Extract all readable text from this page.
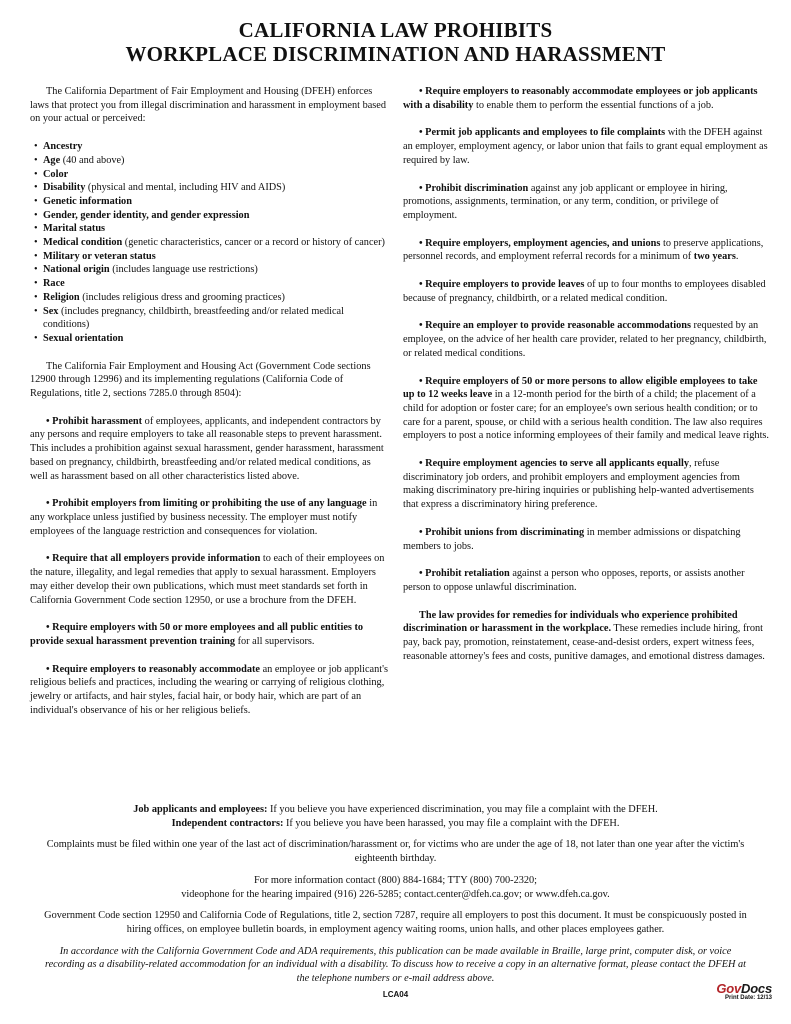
CALIFORNIA LAW PROHIBITS
WORKPLACE DISCRIMINATION AND HARASSMENT

The California Department of Fair Employment and Housing (DFEH) enforces laws that protect you from illegal discrimination and harassment in employment based on your actual or perceived:

• Ancestry
• Age (40 and above)
• Color
• Disability (physical and mental, including HIV and AIDS)
• Genetic information
• Gender, gender identity, and gender expression
• Marital status
• Medical condition (genetic characteristics, cancer or a record or history of cancer)
• Military or veteran status
• National origin (includes language use restrictions)
• Race
• Religion (includes religious dress and grooming practices)
• Sex (includes pregnancy, childbirth, breastfeeding and/or related medical conditions)
• Sexual orientation

The California Fair Employment and Housing Act (Government Code sections 12900 through 12996) and its implementing regulations (California Code of Regulations, title 2, sections 7285.0 through 8504):

• Prohibit harassment of employees, applicants, and independent contractors by any persons and require employers to take all reasonable steps to prevent harassment. This includes a prohibition against sexual harassment, gender harassment, harassment based on pregnancy, childbirth, breastfeeding and/or related medical conditions, as well as harassment based on all other characteristics listed above.

• Prohibit employers from limiting or prohibiting the use of any language in any workplace unless justified by business necessity. The employer must notify employees of the language restriction and consequences for violation.

• Require that all employers provide information to each of their employees on the nature, illegality, and legal remedies that apply to sexual harassment. Employers may either develop their own publications, which must meet standards set forth in California Government Code section 12950, or use a brochure from the DFEH.

• Require employers with 50 or more employees and all public entities to provide sexual harassment prevention training for all supervisors.

• Require employers to reasonably accommodate an employee or job applicant's religious beliefs and practices, including the wearing or carrying of religious clothing, jewelry or artifacts, and hair styles, facial hair, or body hair, which are part of an individual's observance of his or her religious beliefs.

• Require employers to reasonably accommodate employees or job applicants with a disability to enable them to perform the essential functions of a job.

• Permit job applicants and employees to file complaints with the DFEH against an employer, employment agency, or labor union that fails to grant equal employment as required by law.

• Prohibit discrimination against any job applicant or employee in hiring, promotions, assignments, termination, or any term, condition, or privilege of employment.

• Require employers, employment agencies, and unions to preserve applications, personnel records, and employment referral records for a minimum of two years.

• Require employers to provide leaves of up to four months to employees disabled because of pregnancy, childbirth, or a related medical condition.

• Require an employer to provide reasonable accommodations requested by an employee, on the advice of her health care provider, related to her pregnancy, childbirth, or related medical conditions.

• Require employers of 50 or more persons to allow eligible employees to take up to 12 weeks leave in a 12-month period for the birth of a child; the placement of a child for adoption or foster care; for an employee's own serious health condition; or to care for a parent, spouse, or child with a serious health condition. The law also requires employers to post a notice informing employees of their family and medical leave rights.

• Require employment agencies to serve all applicants equally, refuse discriminatory job orders, and prohibit employers and employment agencies from making discriminatory pre-hiring inquiries or publishing help-wanted advertisements that express a discriminatory hiring preference.

• Prohibit unions from discriminating in member admissions or dispatching members to jobs.

• Prohibit retaliation against a person who opposes, reports, or assists another person to oppose unlawful discrimination.

The law provides for remedies for individuals who experience prohibited discrimination or harassment in the workplace. These remedies include hiring, front pay, back pay, promotion, reinstatement, cease-and-desist orders, expert witness fees, reasonable attorney's fees and costs, punitive damages, and emotional distress damages.

Job applicants and employees: If you believe you have experienced discrimination, you may file a complaint with the DFEH.
Independent contractors: If you believe you have been harassed, you may file a complaint with the DFEH.

Complaints must be filed within one year of the last act of discrimination/harassment or, for victims who are under the age of 18, not later than one year after the victim's eighteenth birthday.

For more information contact (800) 884-1684; TTY (800) 700-2320;
videophone for the hearing impaired (916) 226-5285; contact.center@dfeh.ca.gov; or www.dfeh.ca.gov.

Government Code section 12950 and California Code of Regulations, title 2, section 7287, require all employers to post this document. It must be conspicuously posted in hiring offices, on employee bulletin boards, in employment agency waiting rooms, union halls, and other places employees gather.

In accordance with the California Government Code and ADA requirements, this publication can be made available in Braille, large print, computer disk, or voice recording as a disability-related accommodation for an individual with a disability. To discuss how to receive a copy in an alternative format, please contact the DFEH at the telephone numbers or e-mail address above.

LCA04	GovDocs
Print Date: 12/13
